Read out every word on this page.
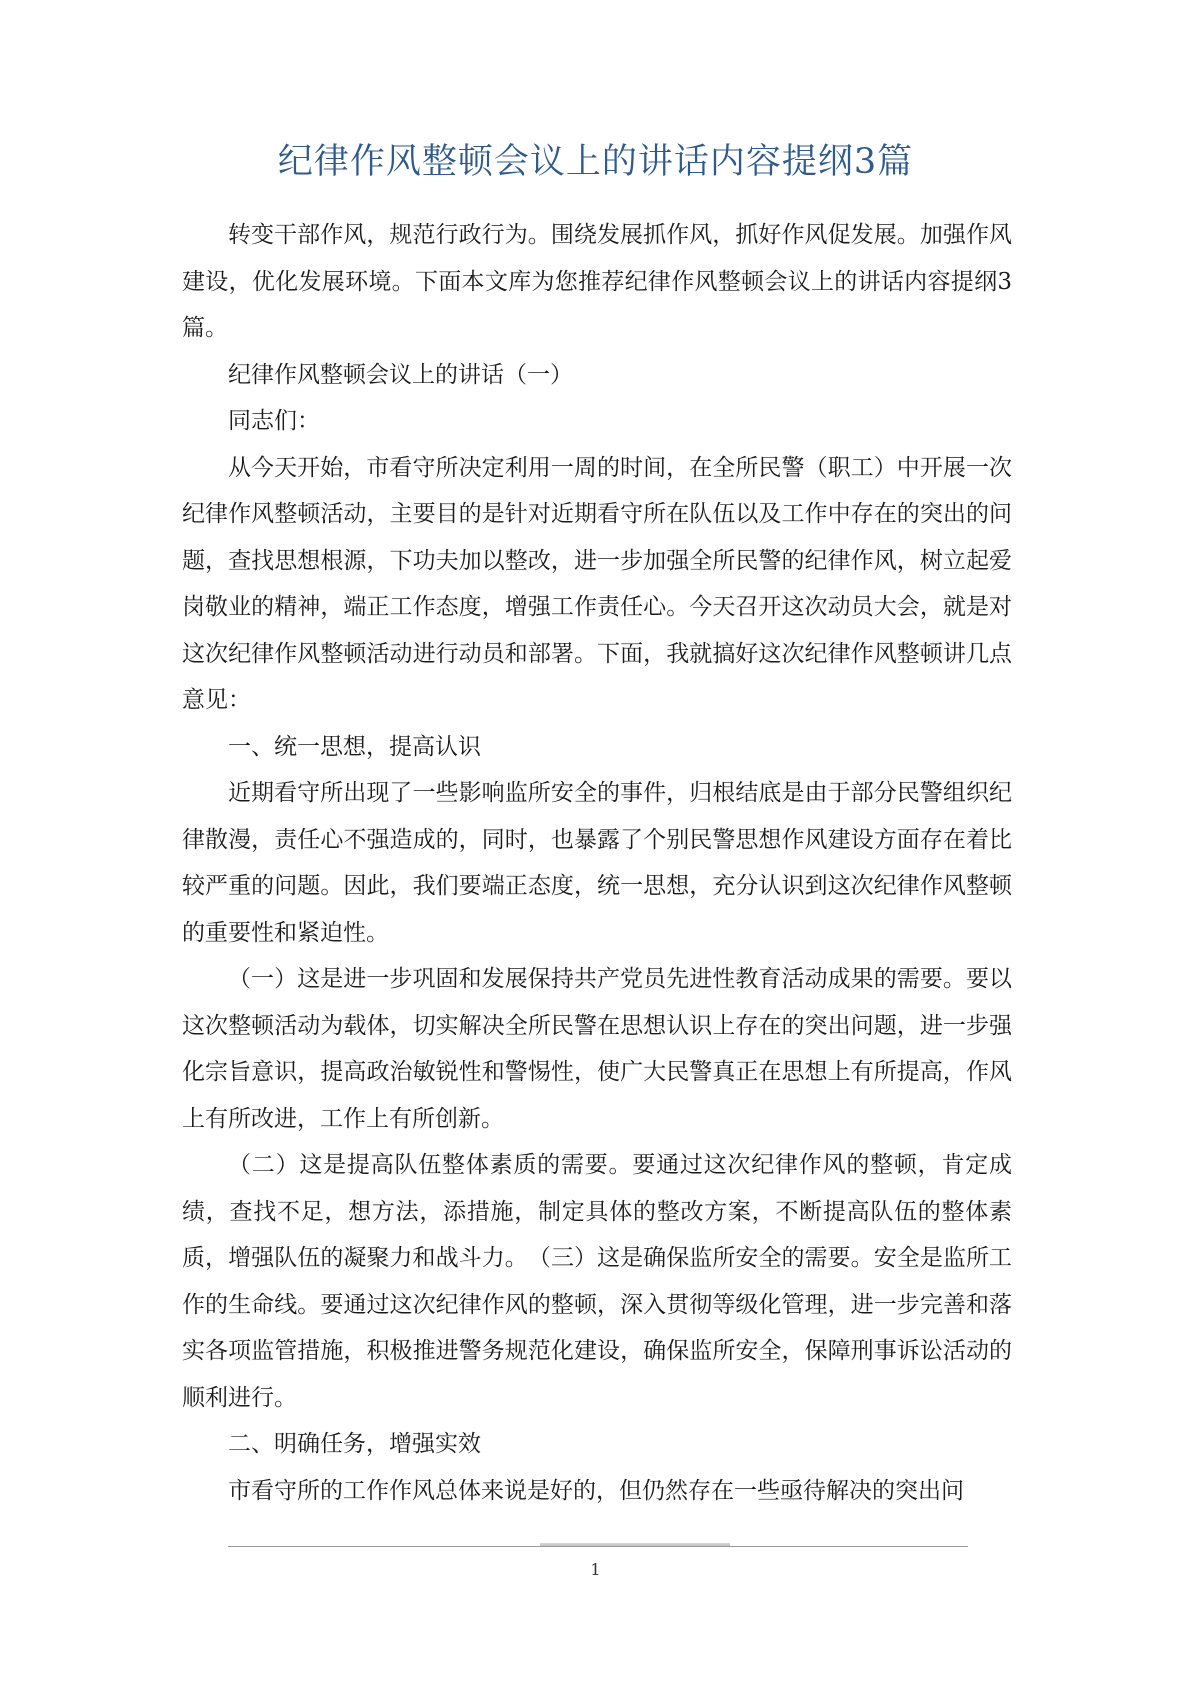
纪律作风整顿会议上的讲话内容提纲3篇

转变干部作风，规范行政行为。围绕发展抓作风，抓好作风促发展。加强作风建设，优化发展环境。下面本文库为您推荐纪律作风整顿会议上的讲话内容提纲3篇。

纪律作风整顿会议上的讲话（一）

同志们：

从今天开始，市看守所决定利用一周的时间，在全所民警（职工）中开展一次纪律作风整顿活动，主要目的是针对近期看守所在队伍以及工作中存在的突出的问题，查找思想根源，下功夫加以整改，进一步加强全所民警的纪律作风，树立起爱岗敬业的精神，端正工作态度，增强工作责任心。今天召开这次动员大会，就是对这次纪律作风整顿活动进行动员和部署。下面，我就搞好这次纪律作风整顿讲几点意见：

一、统一思想，提高认识

近期看守所出现了一些影响监所安全的事件，归根结底是由于部分民警组织纪律散漫，责任心不强造成的，同时，也暴露了个别民警思想作风建设方面存在着比较严重的问题。因此，我们要端正态度，统一思想，充分认识到这次纪律作风整顿的重要性和紧迫性。

（一）这是进一步巩固和发展保持共产党员先进性教育活动成果的需要。要以这次整顿活动为载体，切实解决全所民警在思想认识上存在的突出问题，进一步强化宗旨意识，提高政治敏锐性和警惕性，使广大民警真正在思想上有所提高，作风上有所改进，工作上有所创新。

（二）这是提高队伍整体素质的需要。要通过这次纪律作风的整顿，肯定成绩，查找不足，想方法，添措施，制定具体的整改方案，不断提高队伍的整体素质，增强队伍的凝聚力和战斗力。　（三）这是确保监所安全的需要。安全是监所工作的生命线。要通过这次纪律作风的整顿，深入贯彻等级化管理，进一步完善和落实各项监管措施，积极推进警务规范化建设，确保监所安全，保障刑事诉讼活动的顺利进行。

二、明确任务，增强实效

市看守所的工作作风总体来说是好的，但仍然存在一些亟待解决的突出问

1
